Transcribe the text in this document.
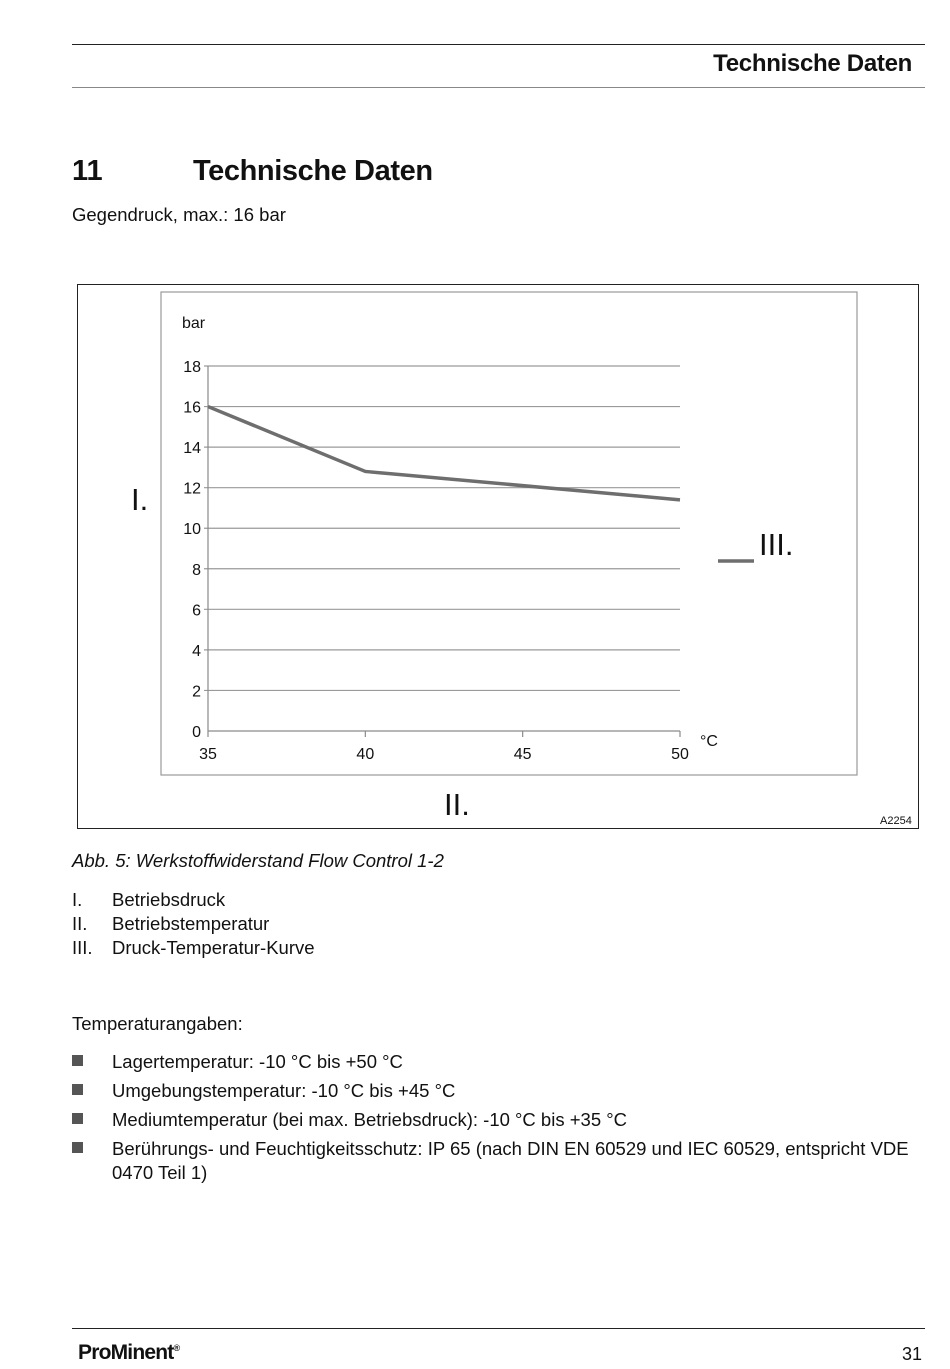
Technische Daten
11	Technische Daten
Gegendruck, max.: 16 bar
0
2
4
6
8
10
12
14
16
18
35	40	45	50
bar
°C
I.
III.
II.	A2254
Abb. 5: Werkstoffwiderstand Flow Control 1-2
I. Betriebsdruck
II. Betriebstemperatur
III. Druck-Temperatur-Kurve
Temperaturangaben:
Lagertemperatur: -10 °C bis +50 °C
Umgebungstemperatur: -10 °C bis +45 °C
Mediumtemperatur (bei max. Betriebsdruck): -10 °C bis +35 °C
Berührungs- und Feuchtigkeitsschutz: IP 65 (nach DIN EN 60529 und IEC 60529, entspricht VDE 0470 Teil 1)
ProMinent®	31
